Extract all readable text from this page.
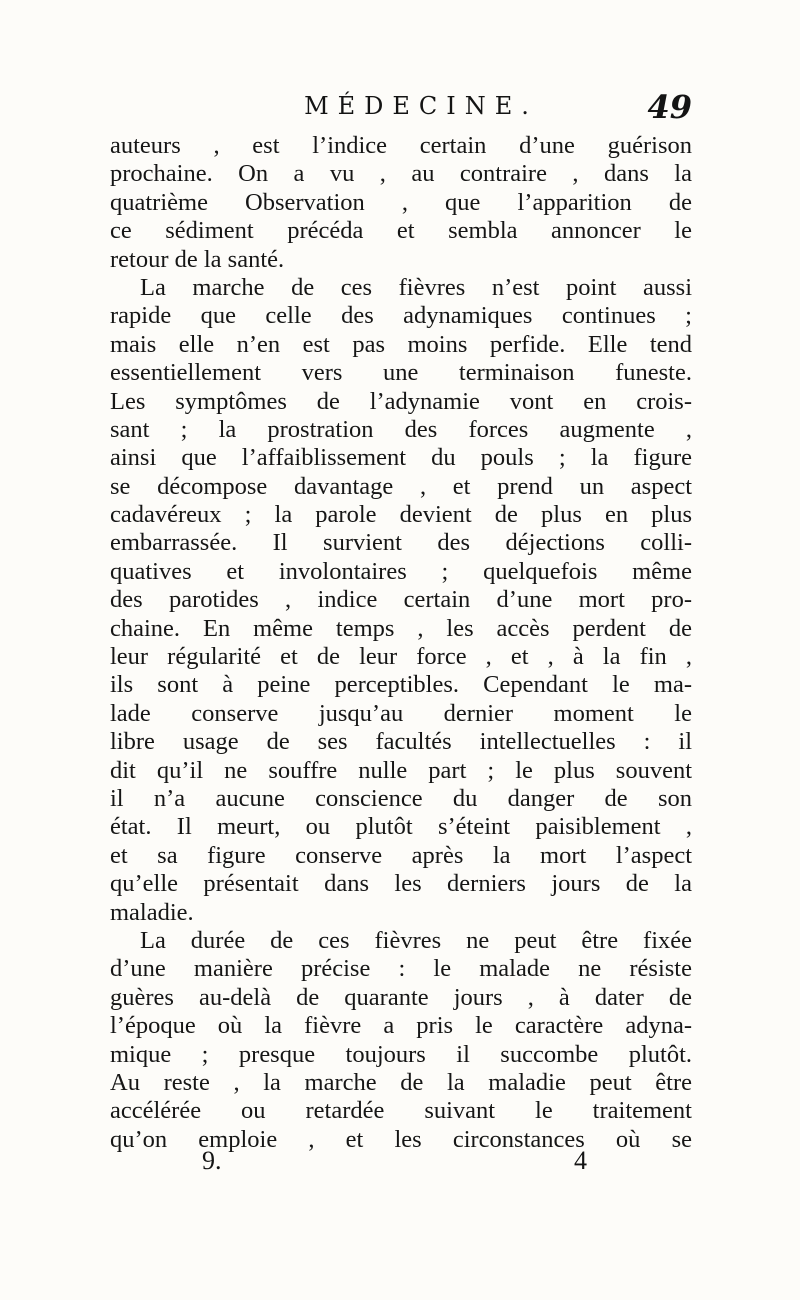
MÉDECINE.	49
auteurs , est l’indice certain d’une guérison
prochaine. On a vu , au contraire , dans la
quatrième Observation , que l’apparition de
ce sédiment précéda et sembla annoncer le
retour de la santé.
La marche de ces fièvres n’est point aussi
rapide que celle des adynamiques continues ;
mais elle n’en est pas moins perfide. Elle tend
essentiellement vers une terminaison funeste.
Les symptômes de l’adynamie vont en crois-
sant ; la prostration des forces augmente ,
ainsi que l’affaiblissement du pouls ; la figure
se décompose davantage , et prend un aspect
cadavéreux ; la parole devient de plus en plus
embarrassée. Il survient des déjections colli-
quatives et involontaires ; quelquefois même
des parotides , indice certain d’une mort pro-
chaine. En même temps , les accès perdent de
leur régularité et de leur force , et , à la fin ,
ils sont à peine perceptibles. Cependant le ma-
lade conserve jusqu’au dernier moment le
libre usage de ses facultés intellectuelles : il
dit qu’il ne souffre nulle part ; le plus souvent
il n’a aucune conscience du danger de son
état. Il meurt, ou plutôt s’éteint paisiblement ,
et sa figure conserve après la mort l’aspect
qu’elle présentait dans les derniers jours de la
maladie.
La durée de ces fièvres ne peut être fixée
d’une manière précise : le malade ne résiste
guères au-delà de quarante jours , à dater de
l’époque où la fièvre a pris le caractère adyna-
mique ; presque toujours il succombe plutôt.
Au reste , la marche de la maladie peut être
accélérée ou retardée suivant le traitement
qu’on emploie , et les circonstances où se
9.	4
